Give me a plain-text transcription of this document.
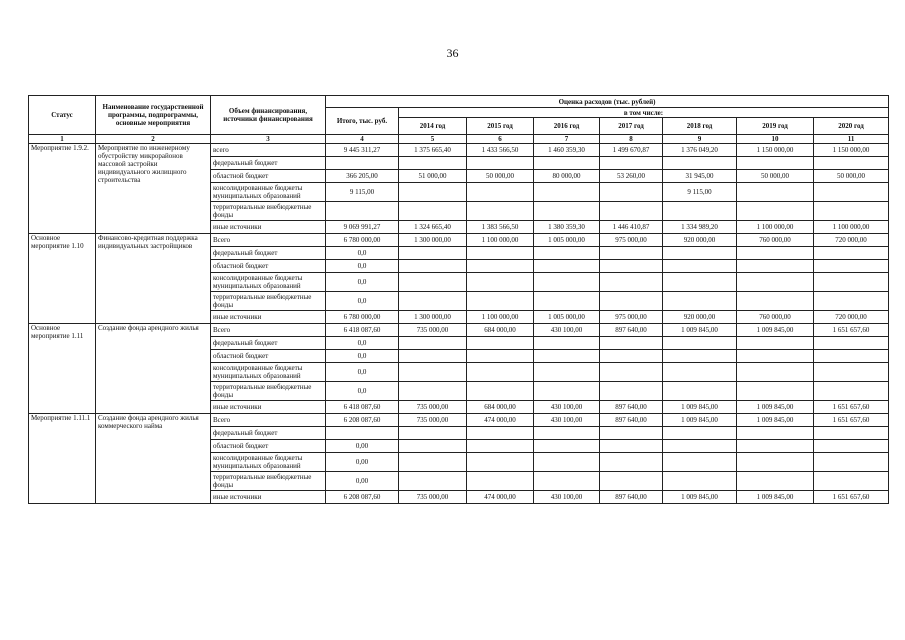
36
Статус	Наименование государственной программы, подпрограммы, основные мероприятия	Объем финансирования, источники финансирования	Оценка расходов (тыс. рублей)							
			Итого, тыс. руб.	в том числе:						
				2014 год	2015 год	2016 год	2017 год	2018 год	2019 год	2020 год
1	2	3	4	5	6	7	8	9	10	11
Мероприятие 1.9.2.	Мероприятие по инженерному обустройству микрорайонов массовой застройки индивидуального жилищного строительства	всего	9 445 311,27	1 375 665,40	1 433 566,50	1 460 359,30	1 499 670,87	1 376 049,20	1 150 000,00	1 150 000,00
		федеральный бюджет								
		областной бюджет	366 205,00	51 000,00	50 000,00	80 000,00	53 260,00	31 945,00	50 000,00	50 000,00
		консолидированные бюджеты муниципальных образований	9 115,00					9 115,00		
		территориальные внебюджетные фонды								
		иные источники	9 069 991,27	1 324 665,40	1 383 566,50	1 380 359,30	1 446 410,87	1 334 989,20	1 100 000,00	1 100 000,00
Основное мероприятие 1.10	Финансово-кредитная поддержка индивидуальных застройщиков	Всего	6 780 000,00	1 300 000,00	1 100 000,00	1 005 000,00	975 000,00	920 000,00	760 000,00	720 000,00
		федеральный бюджет	0,0							
		областной бюджет	0,0							
		консолидированные бюджеты муниципальных образований	0,0							
		территориальные внебюджетные фонды	0,0							
		иные источники	6 780 000,00	1 300 000,00	1 100 000,00	1 005 000,00	975 000,00	920 000,00	760 000,00	720 000,00
Основное мероприятие 1.11	Создание фонда арендного жилья	Всего	6 418 087,60	735 000,00	684 000,00	430 100,00	897 640,00	1 009 845,00	1 009 845,00	1 651 657,60
		федеральный бюджет	0,0							
		областной бюджет	0,0							
		консолидированные бюджеты муниципальных образований	0,0							
		территориальные внебюджетные фонды	0,0							
		иные источники	6 418 087,60	735 000,00	684 000,00	430 100,00	897 640,00	1 009 845,00	1 009 845,00	1 651 657,60
Мероприятие 1.11.1	Создание фонда арендного жилья коммерческого найма	Всего	6 208 087,60	735 000,00	474 000,00	430 100,00	897 640,00	1 009 845,00	1 009 845,00	1 651 657,60
		федеральный бюджет								
		областной бюджет	0,00							
		консолидированные бюджеты муниципальных образований	0,00							
		территориальные внебюджетные фонды	0,00							
		иные источники	6 208 087,60	735 000,00	474 000,00	430 100,00	897 640,00	1 009 845,00	1 009 845,00	1 651 657,60
